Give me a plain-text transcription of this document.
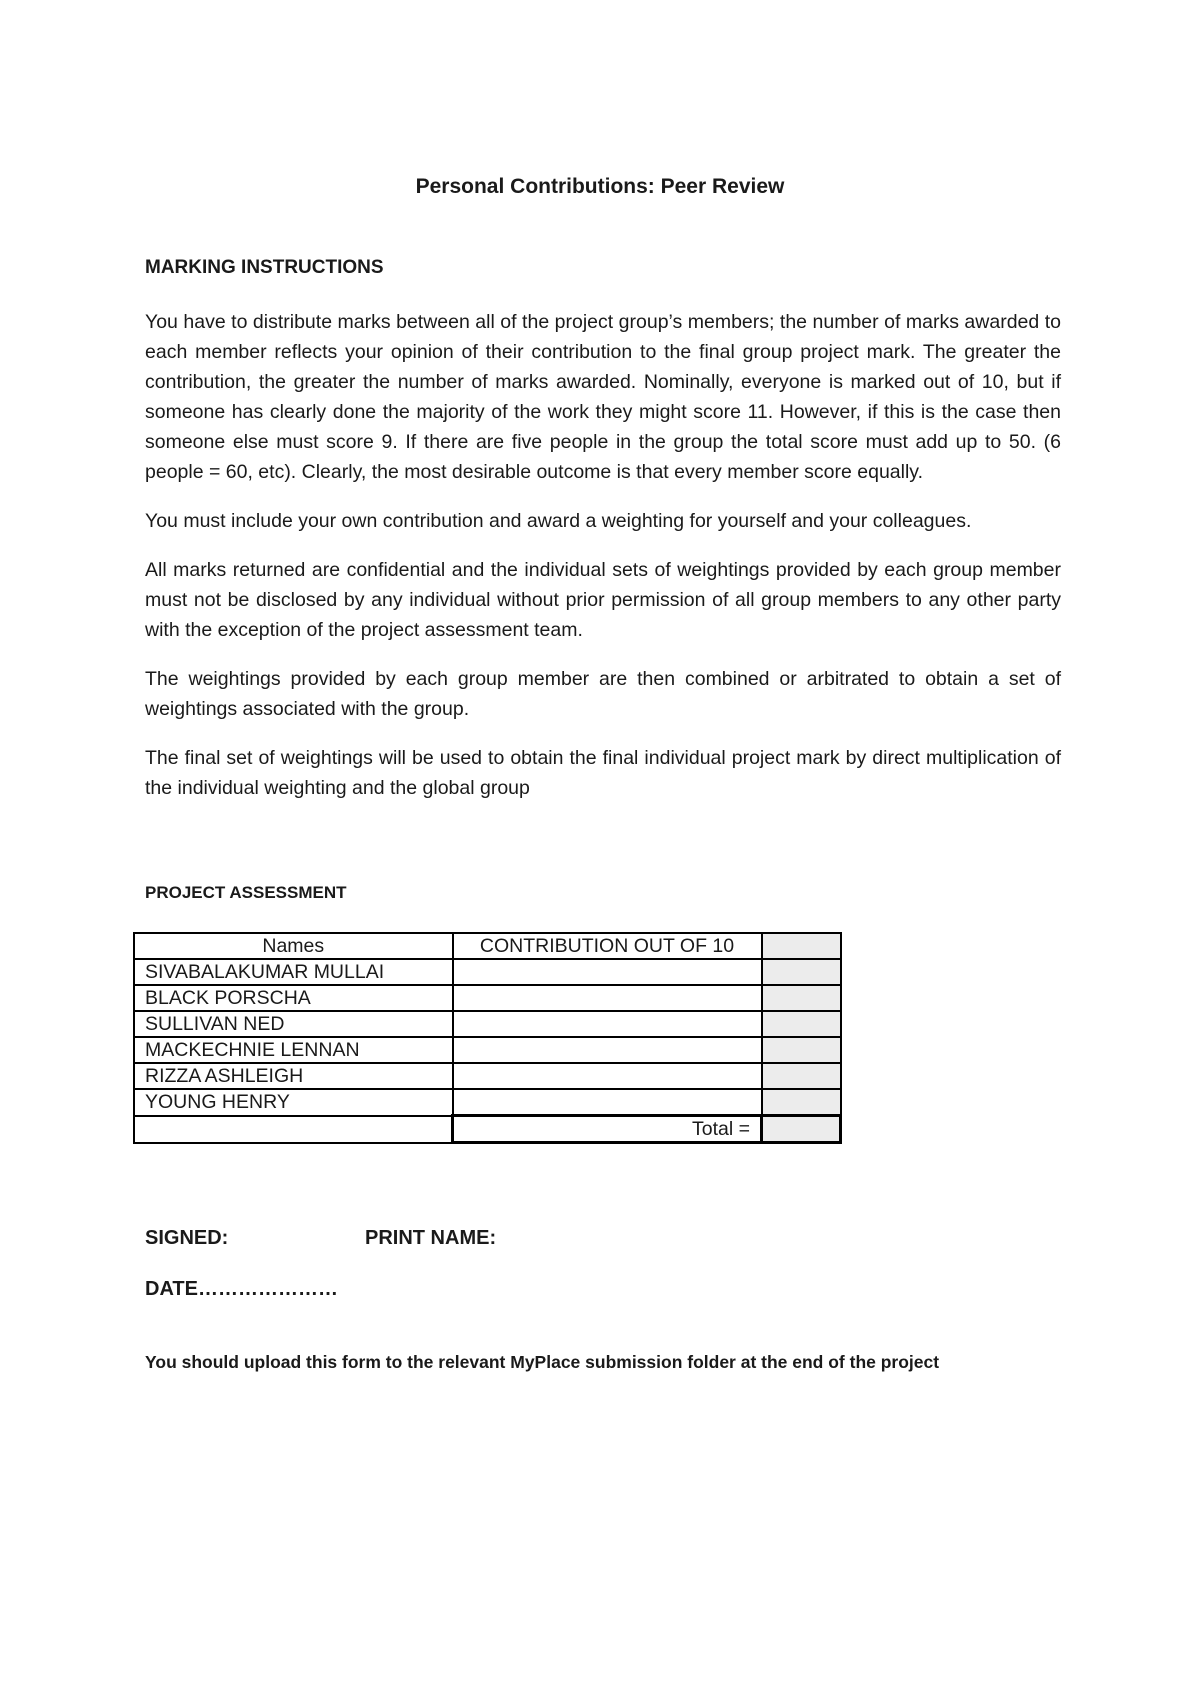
Personal Contributions: Peer Review
MARKING INSTRUCTIONS

You have to distribute marks between all of the project group’s members; the number of marks awarded to each member reflects your opinion of their contribution to the final group project mark. The greater the contribution, the greater the number of marks awarded. Nominally, everyone is marked out of 10, but if someone has clearly done the majority of the work they might score 11. However, if this is the case then someone else must score 9. If there are five people in the group the total score must add up to 50. (6 people = 60, etc). Clearly, the most desirable outcome is that every member score equally.

You must include your own contribution and award a weighting for yourself and your colleagues.

All marks returned are confidential and the individual sets of weightings provided by each group member must not be disclosed by any individual without prior permission of all group members to any other party with the exception of the project assessment team.

The weightings provided by each group member are then combined or arbitrated to obtain a set of weightings associated with the group.

The final set of weightings will be used to obtain the final individual project mark by direct multiplication of the individual weighting and the global group

PROJECT ASSESSMENT
Names	CONTRIBUTION OUT OF 10	
SIVABALAKUMAR MULLAI		
BLACK PORSCHA		
SULLIVAN NED		
MACKECHNIE LENNAN		
RIZZA ASHLEIGH		
YOUNG HENRY		
	Total =	
SIGNED:	PRINT NAME:
DATE…………………
You should upload this form to the relevant MyPlace submission folder at the end of the project
